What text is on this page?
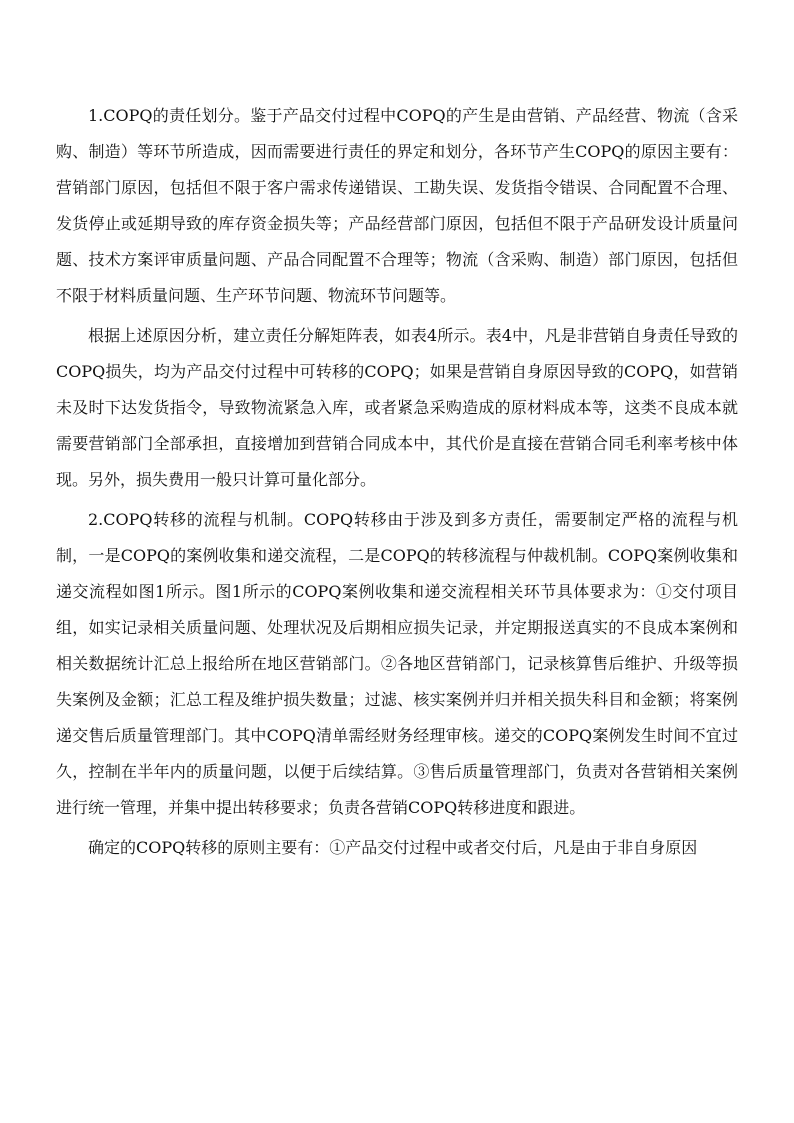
1.COPQ的责任划分。鉴于产品交付过程中COPQ的产生是由营销、产品经营、物流（含采购、制造）等环节所造成，因而需要进行责任的界定和划分，各环节产生COPQ的原因主要有：营销部门原因，包括但不限于客户需求传递错误、工勘失误、发货指令错误、合同配置不合理、发货停止或延期导致的库存资金损失等；产品经营部门原因，包括但不限于产品研发设计质量问题、技术方案评审质量问题、产品合同配置不合理等；物流（含采购、制造）部门原因，包括但不限于材料质量问题、生产环节问题、物流环节问题等。

根据上述原因分析，建立责任分解矩阵表，如表4所示。表4中，凡是非营销自身责任导致的COPQ损失，均为产品交付过程中可转移的COPQ；如果是营销自身原因导致的COPQ，如营销未及时下达发货指令，导致物流紧急入库，或者紧急采购造成的原材料成本等，这类不良成本就需要营销部门全部承担，直接增加到营销合同成本中，其代价是直接在营销合同毛利率考核中体现。另外，损失费用一般只计算可量化部分。

2.COPQ转移的流程与机制。COPQ转移由于涉及到多方责任，需要制定严格的流程与机制，一是COPQ的案例收集和递交流程，二是COPQ的转移流程与仲裁机制。COPQ案例收集和递交流程如图1所示。图1所示的COPQ案例收集和递交流程相关环节具体要求为：①交付项目组，如实记录相关质量问题、处理状况及后期相应损失记录，并定期报送真实的不良成本案例和相关数据统计汇总上报给所在地区营销部门。②各地区营销部门，记录核算售后维护、升级等损失案例及金额；汇总工程及维护损失数量；过滤、核实案例并归并相关损失科目和金额；将案例递交售后质量管理部门。其中COPQ清单需经财务经理审核。递交的COPQ案例发生时间不宜过久，控制在半年内的质量问题，以便于后续结算。③售后质量管理部门，负责对各营销相关案例进行统一管理，并集中提出转移要求；负责各营销COPQ转移进度和跟进。

确定的COPQ转移的原则主要有：①产品交付过程中或者交付后，凡是由于非自身原因
